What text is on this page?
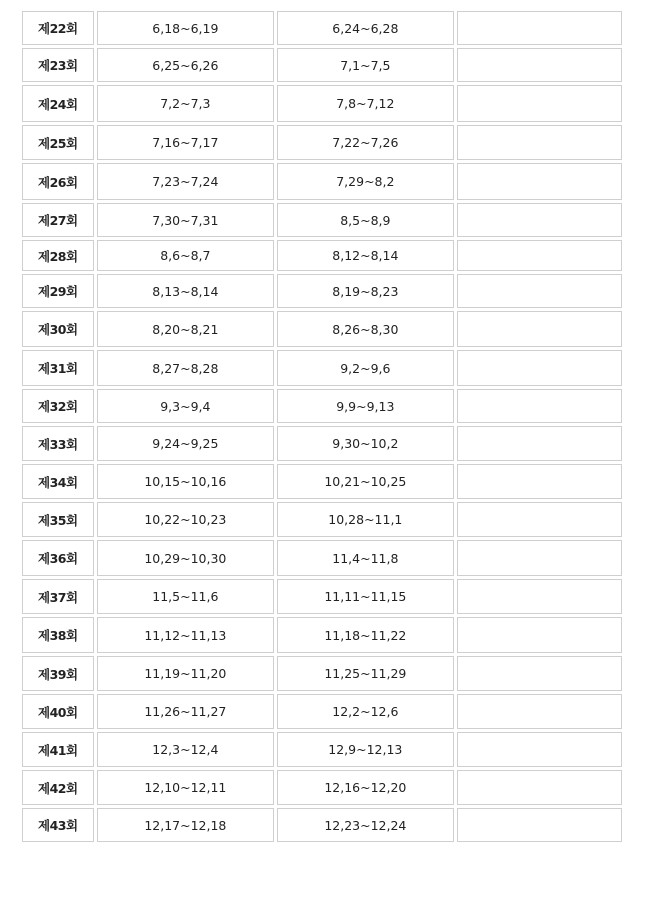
제22회	6,18~6,19	6,24~6,28	
제23회	6,25~6,26	7,1~7,5	
제24회	7,2~7,3	7,8~7,12	
제25회	7,16~7,17	7,22~7,26	
제26회	7,23~7,24	7,29~8,2	
제27회	7,30~7,31	8,5~8,9	
제28회	8,6~8,7	8,12~8,14	
제29회	8,13~8,14	8,19~8,23	
제30회	8,20~8,21	8,26~8,30	
제31회	8,27~8,28	9,2~9,6	
제32회	9,3~9,4	9,9~9,13	
제33회	9,24~9,25	9,30~10,2	
제34회	10,15~10,16	10,21~10,25	
제35회	10,22~10,23	10,28~11,1	
제36회	10,29~10,30	11,4~11,8	
제37회	11,5~11,6	11,11~11,15	
제38회	11,12~11,13	11,18~11,22	
제39회	11,19~11,20	11,25~11,29	
제40회	11,26~11,27	12,2~12,6	
제41회	12,3~12,4	12,9~12,13	
제42회	12,10~12,11	12,16~12,20	
제43회	12,17~12,18	12,23~12,24	
